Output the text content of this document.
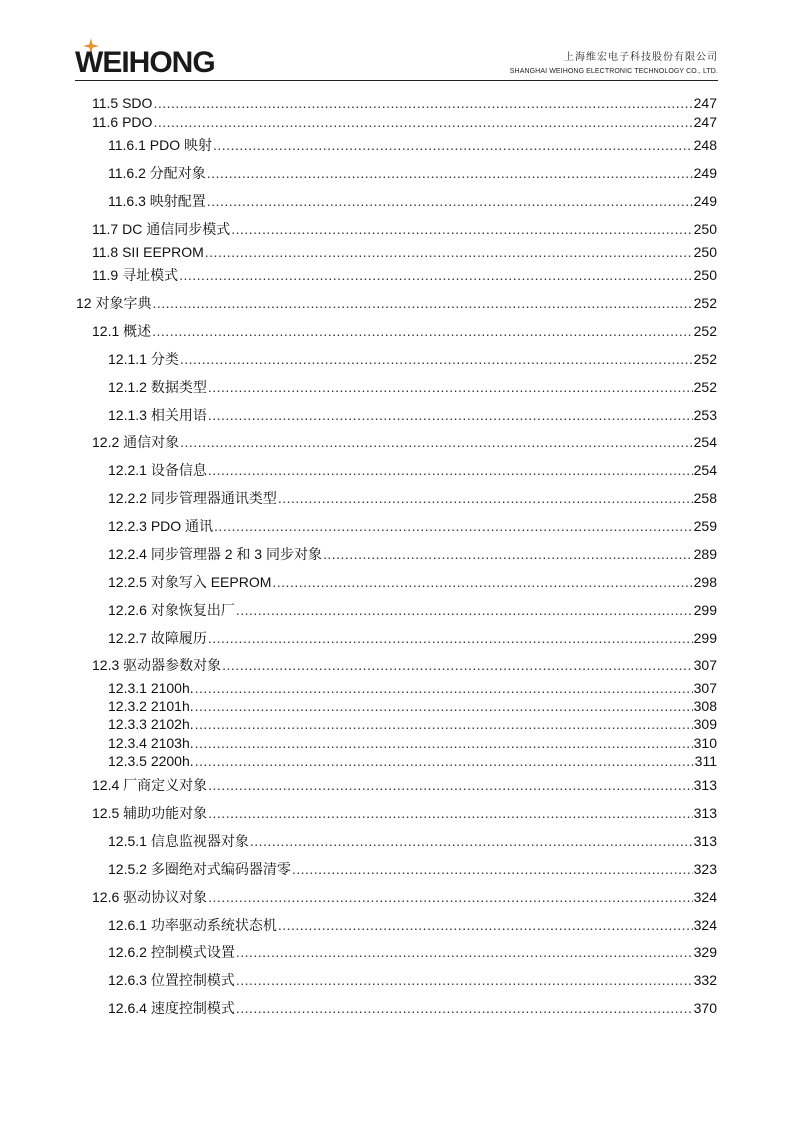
WEIHONG	上海维宏电子科技股份有限公司
SHANGHAI WEIHONG ELECTRONIC TECHNOLOGY CO., LTD.
11.5 SDO .....	247
11.6 PDO .....	247
11.6.1 PDO 映射 .....	248
11.6.2 分配对象 .....	249
11.6.3 映射配置 .....	249
11.7 DC 通信同步模式 .....	250
11.8 SII EEPROM .....	250
11.9 寻址模式 .....	250
12 对象字典 .....	252
12.1 概述 .....	252
12.1.1 分类 .....	252
12.1.2 数据类型 .....	252
12.1.3 相关用语 .....	253
12.2 通信对象 .....	254
12.2.1 设备信息 .....	254
12.2.2 同步管理器通讯类型 .....	258
12.2.3 PDO 通讯 .....	259
12.2.4 同步管理器 2 和 3 同步对象 .....	289
12.2.5 对象写入 EEPROM .....	298
12.2.6 对象恢复出厂 .....	299
12.2.7 故障履历 .....	299
12.3 驱动器参数对象 .....	307
12.3.1 2100h. .....	307
12.3.2 2101h. .....	308
12.3.3 2102h. .....	309
12.3.4 2103h. .....	310
12.3.5 2200h. .....	311
12.4 厂商定义对象 .....	313
12.5 辅助功能对象 .....	313
12.5.1 信息监视器对象 .....	313
12.5.2 多圈绝对式编码器清零 .....	323
12.6 驱动协议对象 .....	324
12.6.1 功率驱动系统状态机 .....	324
12.6.2 控制模式设置 .....	329
12.6.3 位置控制模式 .....	332
12.6.4 速度控制模式 .....	370
